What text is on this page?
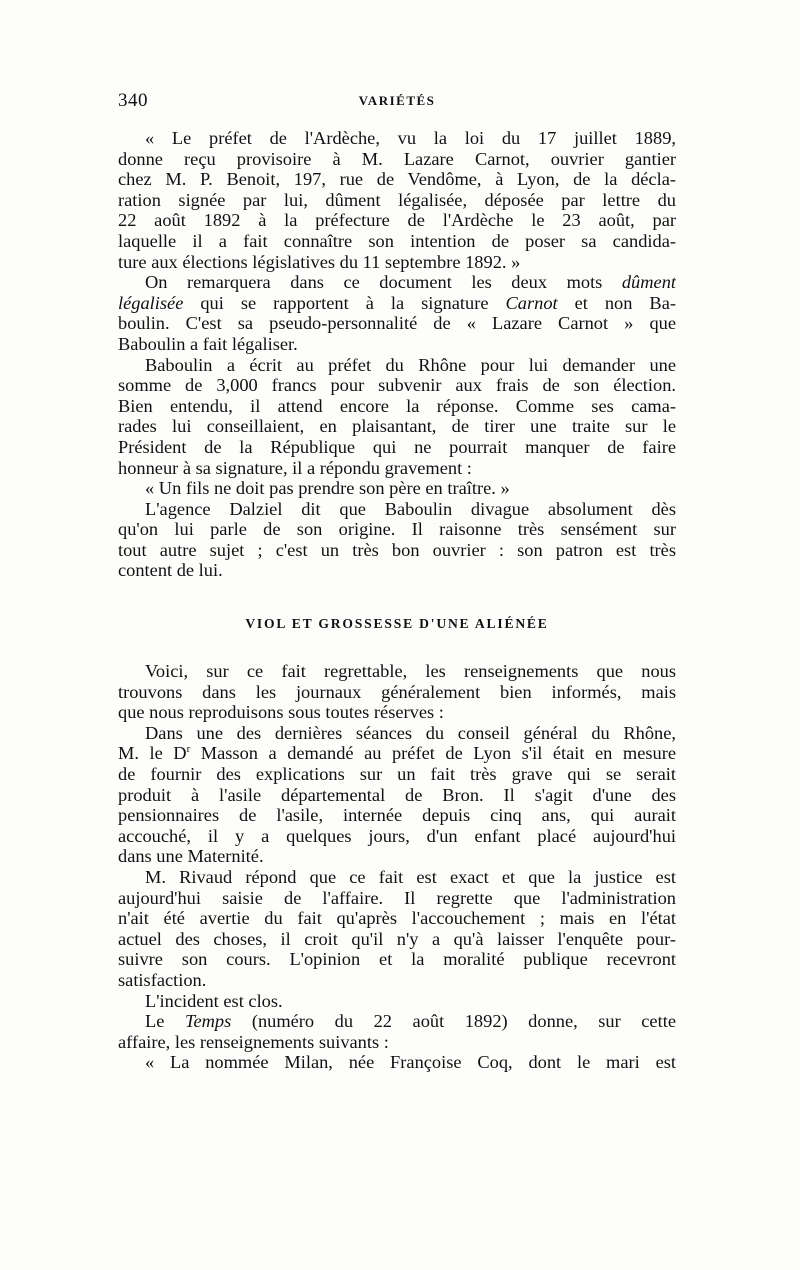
340	VARIÉTÉS
« Le préfet de l'Ardèche, vu la loi du 17 juillet 1889,
donne reçu provisoire à M. Lazare Carnot, ouvrier gantier
chez M. P. Benoit, 197, rue de Vendôme, à Lyon, de la décla-
ration signée par lui, dûment légalisée, déposée par lettre du
22 août 1892 à la préfecture de l'Ardèche le 23 août, par
laquelle il a fait connaître son intention de poser sa candida-
ture aux élections législatives du 11 septembre 1892. »
On remarquera dans ce document les deux mots dûment
légalisée qui se rapportent à la signature Carnot et non Ba-
boulin. C'est sa pseudo-personnalité de « Lazare Carnot » que
Baboulin a fait légaliser.
Baboulin a écrit au préfet du Rhône pour lui demander une
somme de 3,000 francs pour subvenir aux frais de son élection.
Bien entendu, il attend encore la réponse. Comme ses cama-
rades lui conseillaient, en plaisantant, de tirer une traite sur le
Président de la République qui ne pourrait manquer de faire
honneur à sa signature, il a répondu gravement :
« Un fils ne doit pas prendre son père en traître. »
L'agence Dalziel dit que Baboulin divague absolument dès
qu'on lui parle de son origine. Il raisonne très sensément sur
tout autre sujet ; c'est un très bon ouvrier : son patron est très
content de lui.
VIOL ET GROSSESSE D'UNE ALIÉNÉE
Voici, sur ce fait regrettable, les renseignements que nous
trouvons dans les journaux généralement bien informés, mais
que nous reproduisons sous toutes réserves :
Dans une des dernières séances du conseil général du Rhône,
M. le $D^r$ Masson a demandé au préfet de Lyon s'il était en mesure
de fournir des explications sur un fait très grave qui se serait
produit à l'asile départemental de Bron. Il s'agit d'une des
pensionnaires de l'asile, internée depuis cinq ans, qui aurait
accouché, il y a quelques jours, d'un enfant placé aujourd'hui
dans une Maternité.
M. Rivaud répond que ce fait est exact et que la justice est
aujourd'hui saisie de l'affaire. Il regrette que l'administration
n'ait été avertie du fait qu'après l'accouchement ; mais en l'état
actuel des choses, il croit qu'il n'y a qu'à laisser l'enquête pour-
suivre son cours. L'opinion et la moralité publique recevront
satisfaction.
L'incident est clos.
Le Temps (numéro du 22 août 1892) donne, sur cette
affaire, les renseignements suivants :
« La nommée Milan, née Françoise Coq, dont le mari est
